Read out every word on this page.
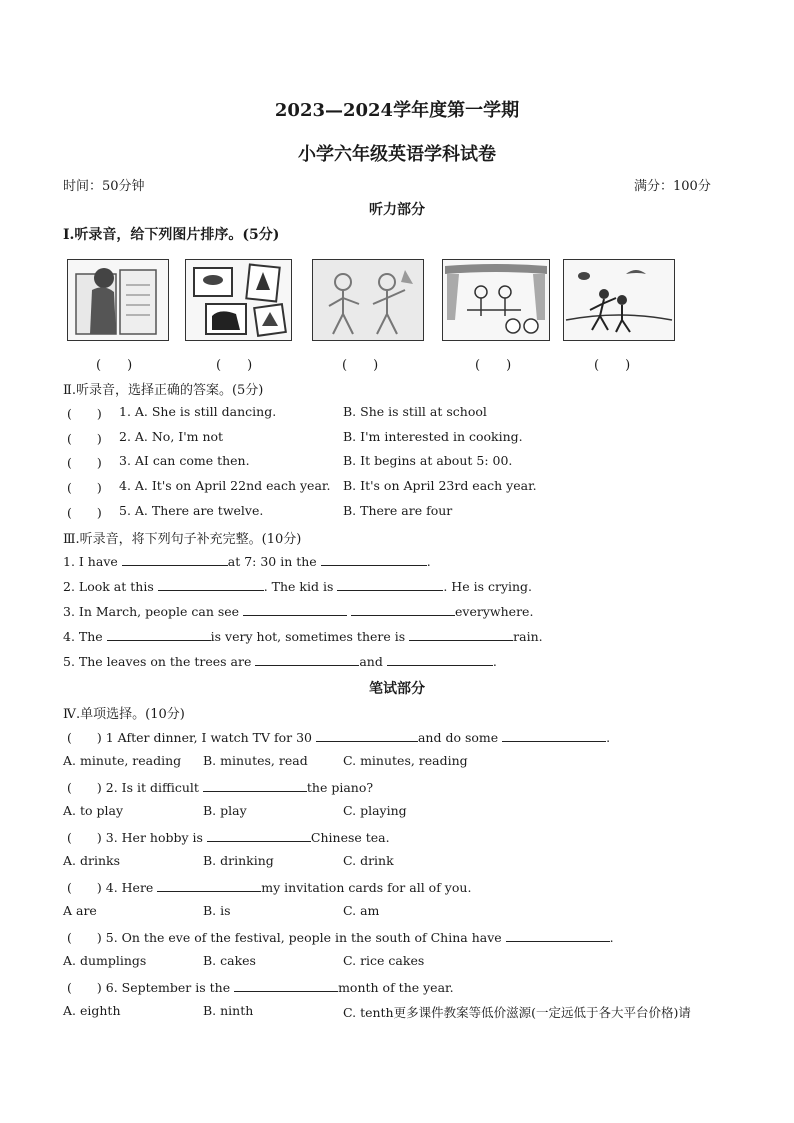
2023—2024学年度第一学期
小学六年级英语学科试卷
时间：50分钟	满分：100分
听力部分
Ⅰ.听录音，给下列图片排序。(5分)
(　　)	(　　)	(　　)	(　　)	(　　)
Ⅱ.听录音，选择正确的答案。(5分)
(　　) 1. A. She is still dancing.	B. She is still at school
(　　) 2. A. No, I'm not	B. I'm interested in cooking.
(　　) 3. AI can come then.	B. It begins at about 5: 00.
(　　) 4. A. It's on April 22nd each year. B. It's on April 23rd each year.
(　　) 5. A. There are twelve.	B. There are four
Ⅲ.听录音，将下列句子补充完整。(10分)
1. I have	at 7: 30 in the	.
2. Look at this	. The kid is	. He is crying.
3. In March, people can see	everywhere.
4. The	is very hot, sometimes there is	rain.
5. The leaves on the trees are	and	.
笔试部分
Ⅳ.单项选择。(10分)
(　　) 1 After dinner, I watch TV for 30	and do some	.
A. minute, reading B. minutes, read	C. minutes, reading
(　　) 2. Is it difficult	the piano?
A. to play	B. play	C. playing
(　　) 3. Her hobby is	Chinese tea.
A. drinks	B. drinking	C. drink
(　　) 4. Here	my invitation cards for all of you.
A are	B. is	C. am
(　　) 5. On the eve of the festival, people in the south of China have	.
A. dumplings	B. cakes	C. rice cakes
(　　) 6. September is the	month of the year.
A. eighth	B. ninth	C. tenth更多课件教案等低价滋源(一定远低于各大平台价格)请
